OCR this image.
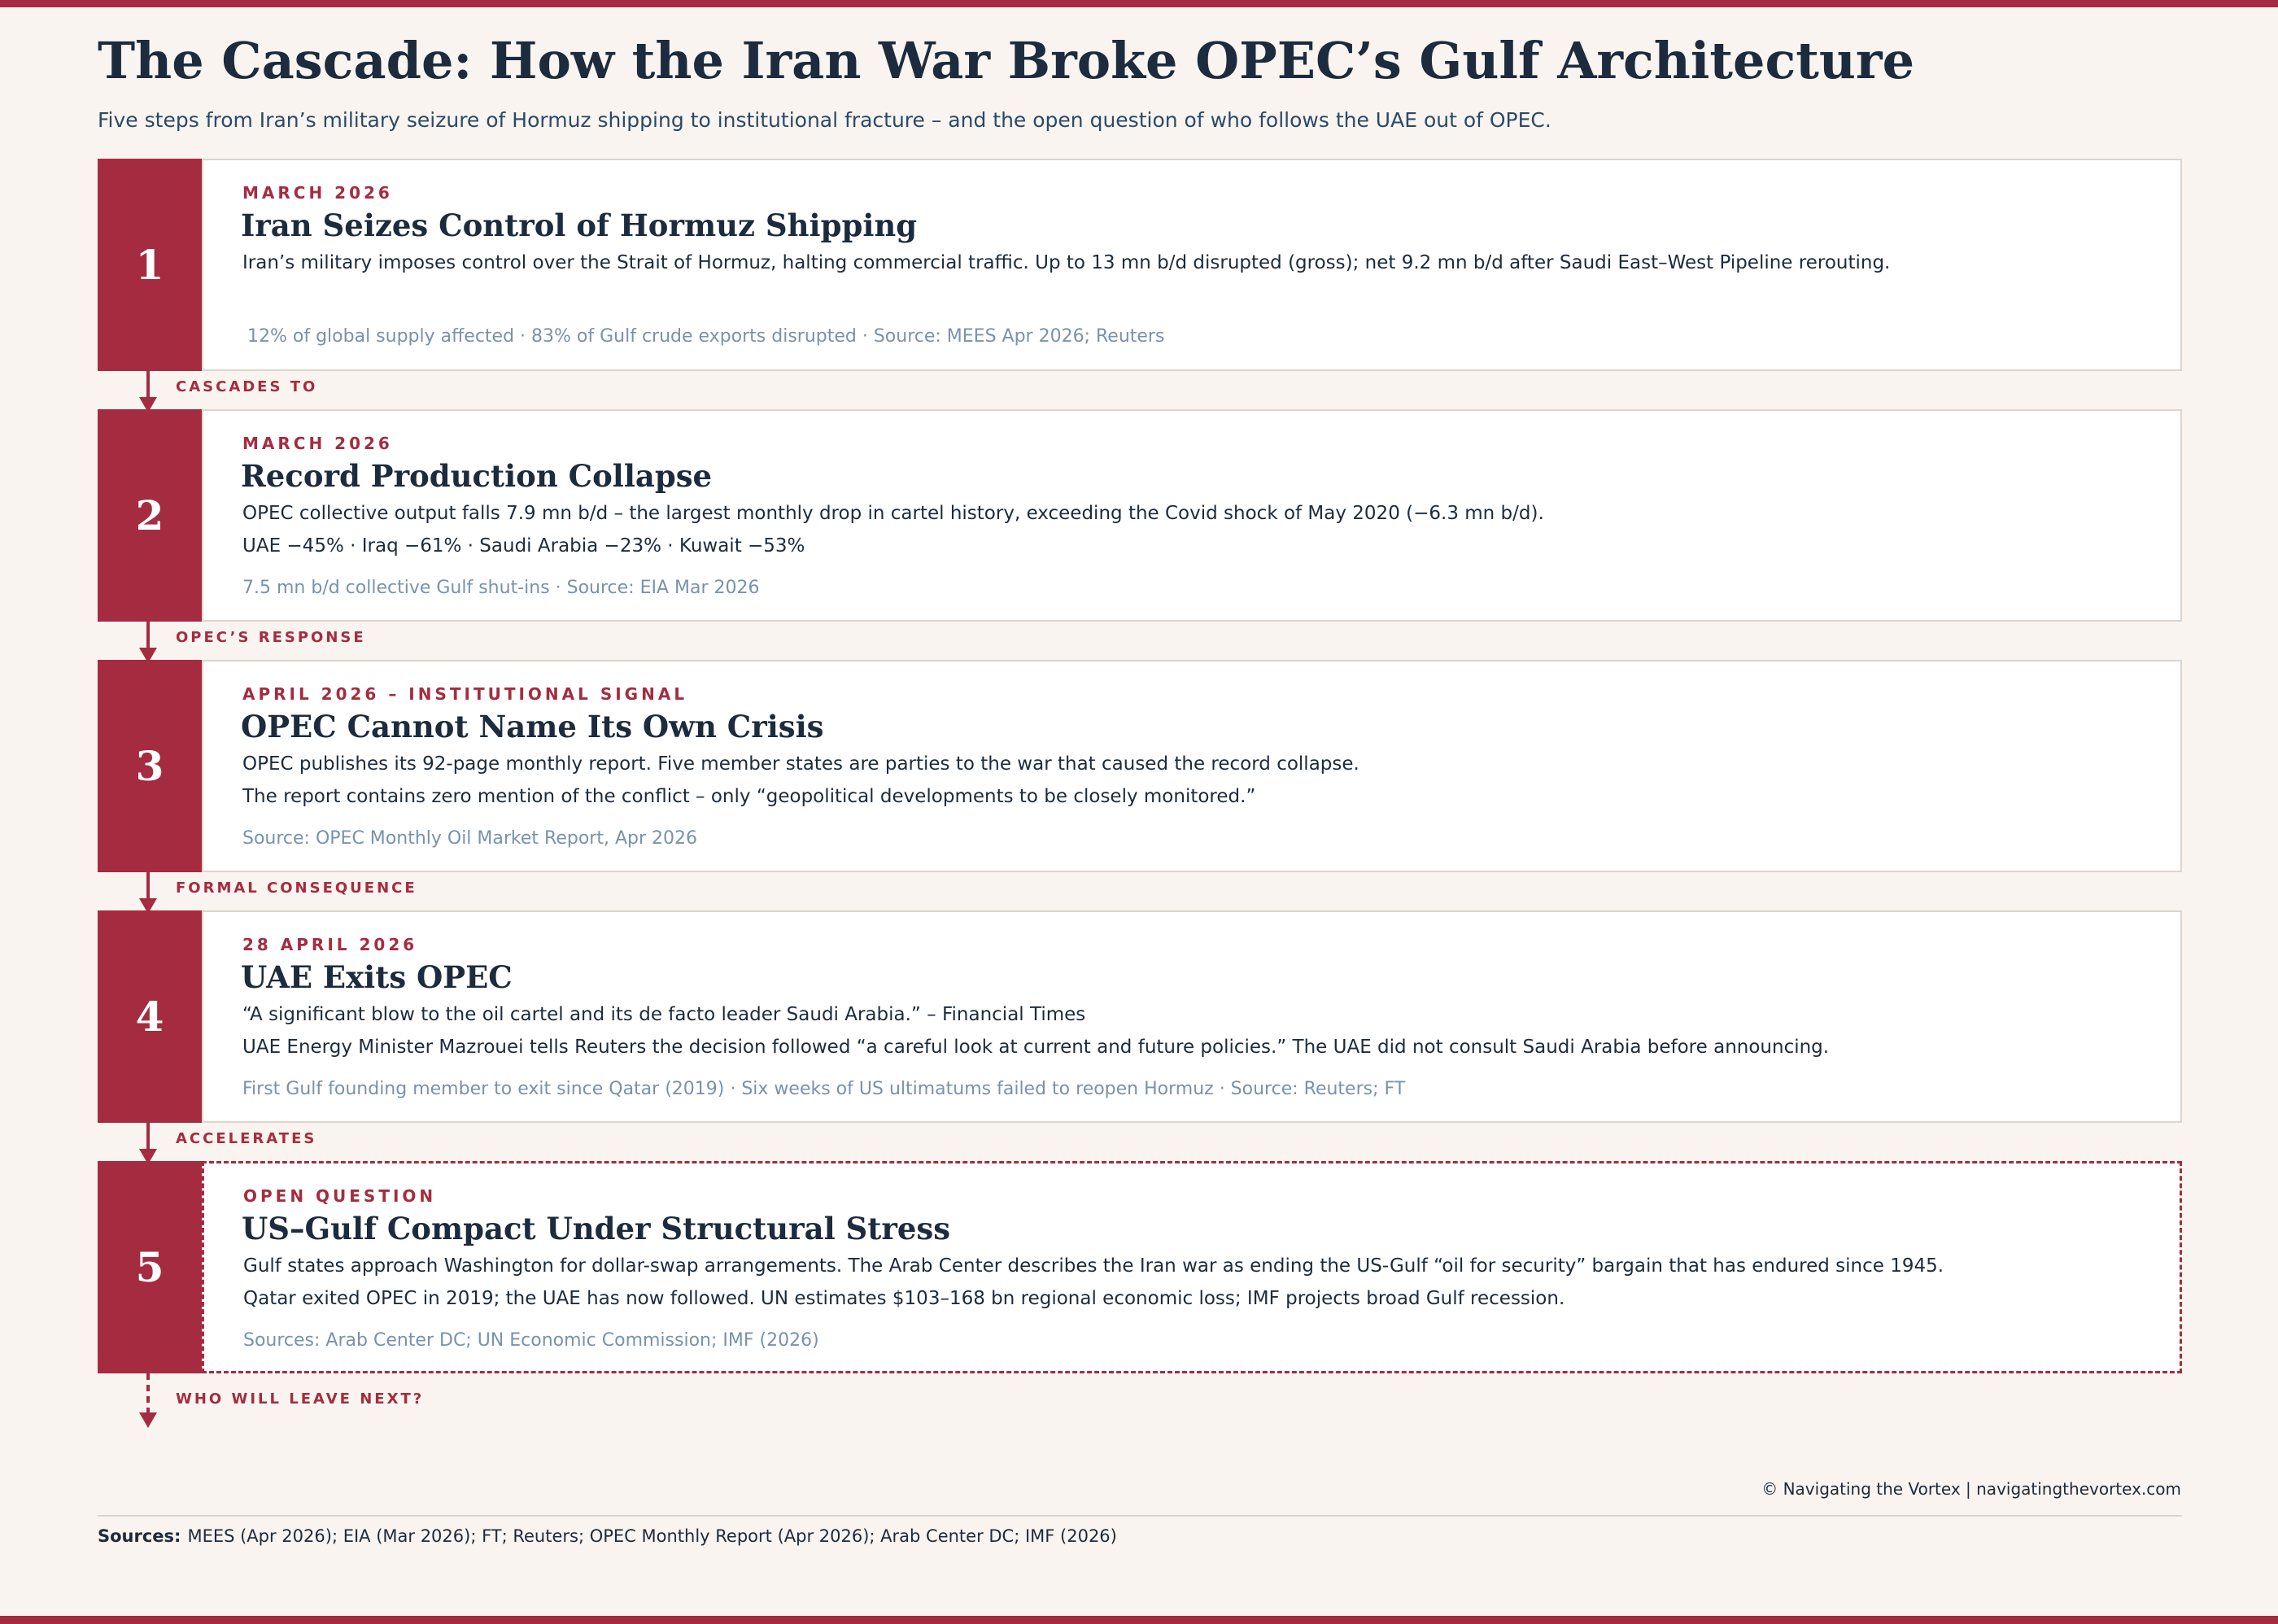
The Cascade: How the Iran War Broke OPEC’s Gulf Architecture

Five steps from Iran’s military seizure of Hormuz shipping to institutional fracture – and the open question of who follows the UAE out of OPEC.

1
MARCH 2026
Iran Seizes Control of Hormuz Shipping
Iran’s military imposes control over the Strait of Hormuz, halting commercial traffic. Up to 13 mn b/d disrupted (gross); net 9.2 mn b/d after Saudi East–West Pipeline rerouting.
12% of global supply affected · 83% of Gulf crude exports disrupted · Source: MEES Apr 2026; Reuters
CASCADES TO
2
MARCH 2026
Record Production Collapse
OPEC collective output falls 7.9 mn b/d – the largest monthly drop in cartel history, exceeding the Covid shock of May 2020 (−6.3 mn b/d).
UAE −45% · Iraq −61% · Saudi Arabia −23% · Kuwait −53%
7.5 mn b/d collective Gulf shut-ins · Source: EIA Mar 2026
OPEC’S RESPONSE
3
APRIL 2026 – INSTITUTIONAL SIGNAL
OPEC Cannot Name Its Own Crisis
OPEC publishes its 92-page monthly report. Five member states are parties to the war that caused the record collapse.
The report contains zero mention of the conflict – only “geopolitical developments to be closely monitored.”
Source: OPEC Monthly Oil Market Report, Apr 2026
FORMAL CONSEQUENCE
4
28 APRIL 2026
UAE Exits OPEC
“A significant blow to the oil cartel and its de facto leader Saudi Arabia.” – Financial Times
UAE Energy Minister Mazrouei tells Reuters the decision followed “a careful look at current and future policies.” The UAE did not consult Saudi Arabia before announcing.
First Gulf founding member to exit since Qatar (2019) · Six weeks of US ultimatums failed to reopen Hormuz · Source: Reuters; FT
ACCELERATES
5
OPEN QUESTION
US–Gulf Compact Under Structural Stress
Gulf states approach Washington for dollar-swap arrangements. The Arab Center describes the Iran war as ending the US-Gulf “oil for security” bargain that has endured since 1945.
Qatar exited OPEC in 2019; the UAE has now followed. UN estimates $103–168 bn regional economic loss; IMF projects broad Gulf recession.
Sources: Arab Center DC; UN Economic Commission; IMF (2026)
WHO WILL LEAVE NEXT?
© Navigating the Vortex | navigatingthevortex.com
Sources: MEES (Apr 2026); EIA (Mar 2026); FT; Reuters; OPEC Monthly Report (Apr 2026); Arab Center DC; IMF (2026)
